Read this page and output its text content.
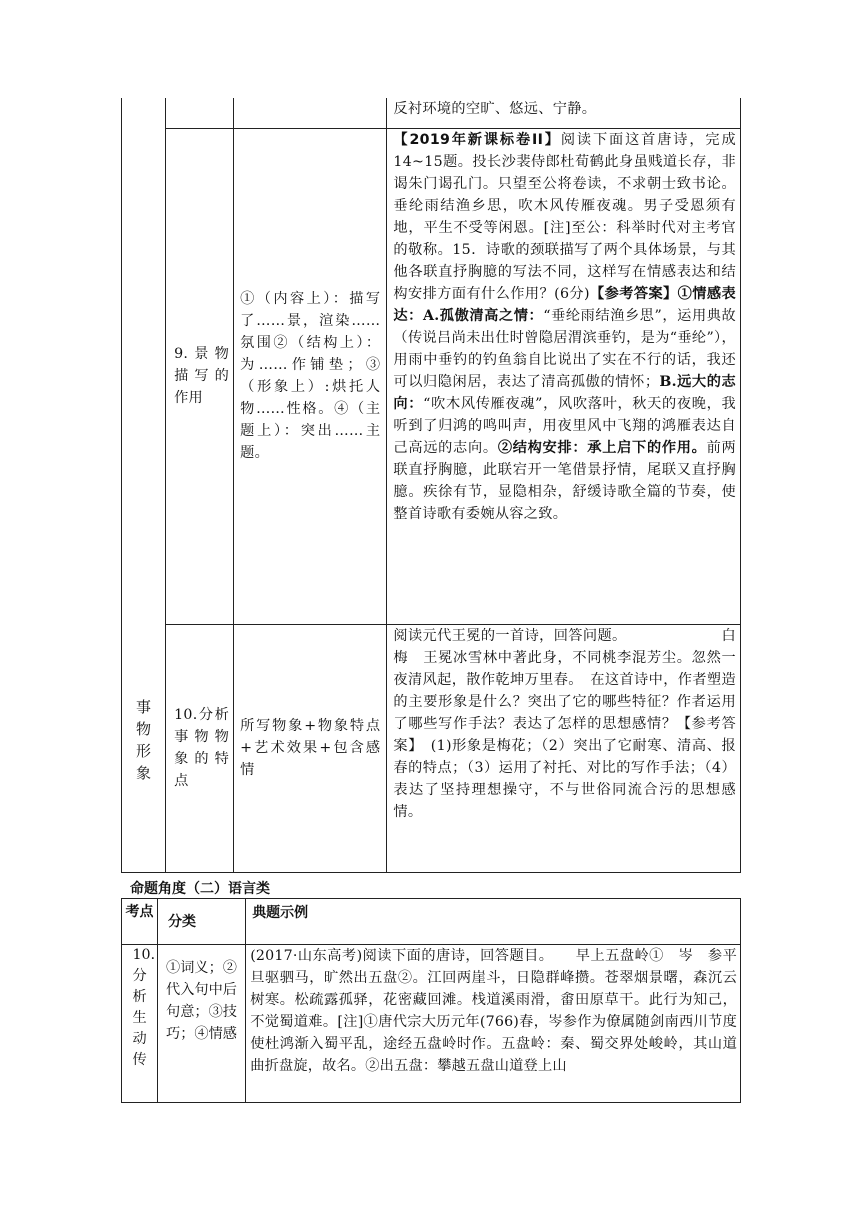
事物形象			反衬环境的空旷、悠远、宁静。

	9.景物描写的作用	①（内容上）：描写了……景，渲染……氛围②（结构上）：为……作铺垫；③（形象上）:烘托人物……性格。④（主题上）：突出……主题。	【2019年新课标卷II】阅读下面这首唐诗，完成14~15题。投长沙裴侍郎杜荀鹤此身虽贱道长存，非谒朱门谒孔门。只望至公将卷读，不求朝士致书论。垂纶雨结渔乡思，吹木风传雁夜魂。男子受恩须有地，平生不受等闲恩。[注]至公：科举时代对主考官的敬称。15．诗歌的颈联描写了两个具体场景，与其他各联直抒胸臆的写法不同，这样写在情感表达和结构安排方面有什么作用？(6分)【参考答案】①情感表达：A.孤傲清高之情：“垂纶雨结渔乡思”，运用典故（传说吕尚未出仕时曾隐居渭滨垂钓，是为“垂纶”），用雨中垂钓的钓鱼翁自比说出了实在不行的话，我还可以归隐闲居，表达了清高孤傲的情怀；B.远大的志向：“吹木风传雁夜魂”，风吹落叶，秋天的夜晚，我听到了归鸿的鸣叫声，用夜里风中飞翔的鸿雁表达自己高远的志向。②结构安排：承上启下的作用。前两联直抒胸臆，此联宕开一笔借景抒情，尾联又直抒胸臆。疾徐有节，显隐相杂，舒缓诗歌全篇的节奏，使整首诗歌有委婉从容之致。

	10.分析事物物象的特点	所写物象+物象特点+艺术效果+包含感情	阅读元代王冕的一首诗，回答问题。　　　　　　　白梅　王冕冰雪林中著此身，不同桃李混芳尘。忽然一夜清风起，散作乾坤万里春。　在这首诗中，作者塑造的主要形象是什么？突出了它的哪些特征？作者运用了哪些写作手法？表达了怎样的思想感情？【参考答案】　(1)形象是梅花；（2）突出了它耐寒、清高、报春的特点；（3）运用了衬托、对比的写作手法；（4）表达了坚持理想操守，不与世俗同流合污的思想感情。
命题角度（二）语言类
考点	分类	典题示例

10．分析生动传	①词义；②代入句中后句意；③技巧；④情感	(2017·山东高考)阅读下面的唐诗，回答题目。　　早上五盘岭①　岑　参平旦驱驷马，旷然出五盘②。江回两崖斗，日隐群峰攒。苍翠烟景曙，森沉云树寒。松疏露孤驿，花密藏回滩。栈道溪雨滑，畬田原草干。此行为知己，不觉蜀道难。[注]①唐代宗大历元年(766)春，岑参作为僚属随剑南西川节度使杜鸿渐入蜀平乱，途经五盘岭时作。五盘岭：秦、蜀交界处峻岭，其山道曲折盘旋，故名。②出五盘：攀越五盘山道登上山
